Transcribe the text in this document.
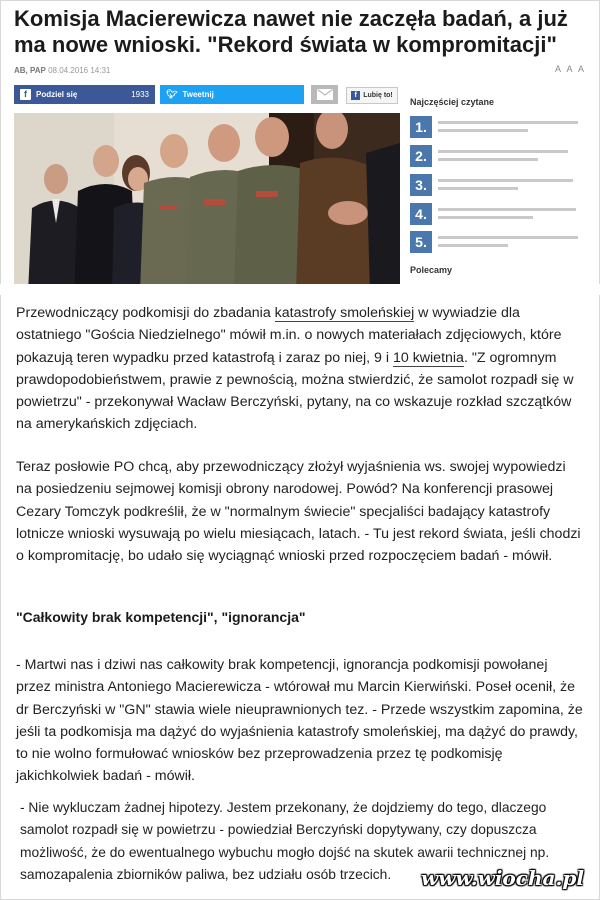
Komisja Macierewicza nawet nie zaczęła badań, a już ma nowe wnioski. "Rekord świata w kompromitacji"
AB, PAP 08.04.2016 14:31	A A A
f	Podziel się	1933 🐦︎ Tweetnij	f Lubię to!
Najczęściej czytane
1.
2.
3.
4.
5.
Polecamy

Przewodniczący podkomisji do zbadania katastrofy smoleńskiej w wywiadzie dla ostatniego "Gościa Niedzielnego" mówił m.in. o nowych materiałach zdjęciowych, które pokazują teren wypadku przed katastrofą i zaraz po niej, 9 i 10 kwietnia. "Z ogromnym prawdopodobieństwem, prawie z pewnością, można stwierdzić, że samolot rozpadł się w powietrzu" - przekonywał Wacław Berczyński, pytany, na co wskazuje rozkład szczątków na amerykańskich zdjęciach.

Teraz posłowie PO chcą, aby przewodniczący złożył wyjaśnienia ws. swojej wypowiedzi na posiedzeniu sejmowej komisji obrony narodowej. Powód? Na konferencji prasowej Cezary Tomczyk podkreślił, że w "normalnym świecie" specjaliści badający katastrofy lotnicze wnioski wysuwają po wielu miesiącach, latach. - Tu jest rekord świata, jeśli chodzi o kompromitację, bo udało się wyciągnąć wnioski przed rozpoczęciem badań - mówił.

"Całkowity brak kompetencji", "ignorancja"

- Martwi nas i dziwi nas całkowity brak kompetencji, ignorancja podkomisji powołanej przez ministra Antoniego Macierewicza - wtórował mu Marcin Kierwiński. Poseł ocenił, że dr Berczyński w "GN" stawia wiele nieuprawnionych tez. - Przede wszystkim zapomina, że jeśli ta podkomisja ma dążyć do wyjaśnienia katastrofy smoleńskiej, ma dążyć do prawdy, to nie wolno formułować wniosków bez przeprowadzenia przez tę podkomisję jakichkolwiek badań - mówił.

- Nie wykluczam żadnej hipotezy. Jestem przekonany, że dojdziemy do tego, dlaczego samolot rozpadł się w powietrzu - powiedział Berczyński dopytywany, czy dopuszcza możliwość, że do ewentualnego wybuchu mogło dojść na skutek awarii technicznej np. samozapalenia zbiorników paliwa, bez udziału osób trzecich.	www.wiocha.pl
